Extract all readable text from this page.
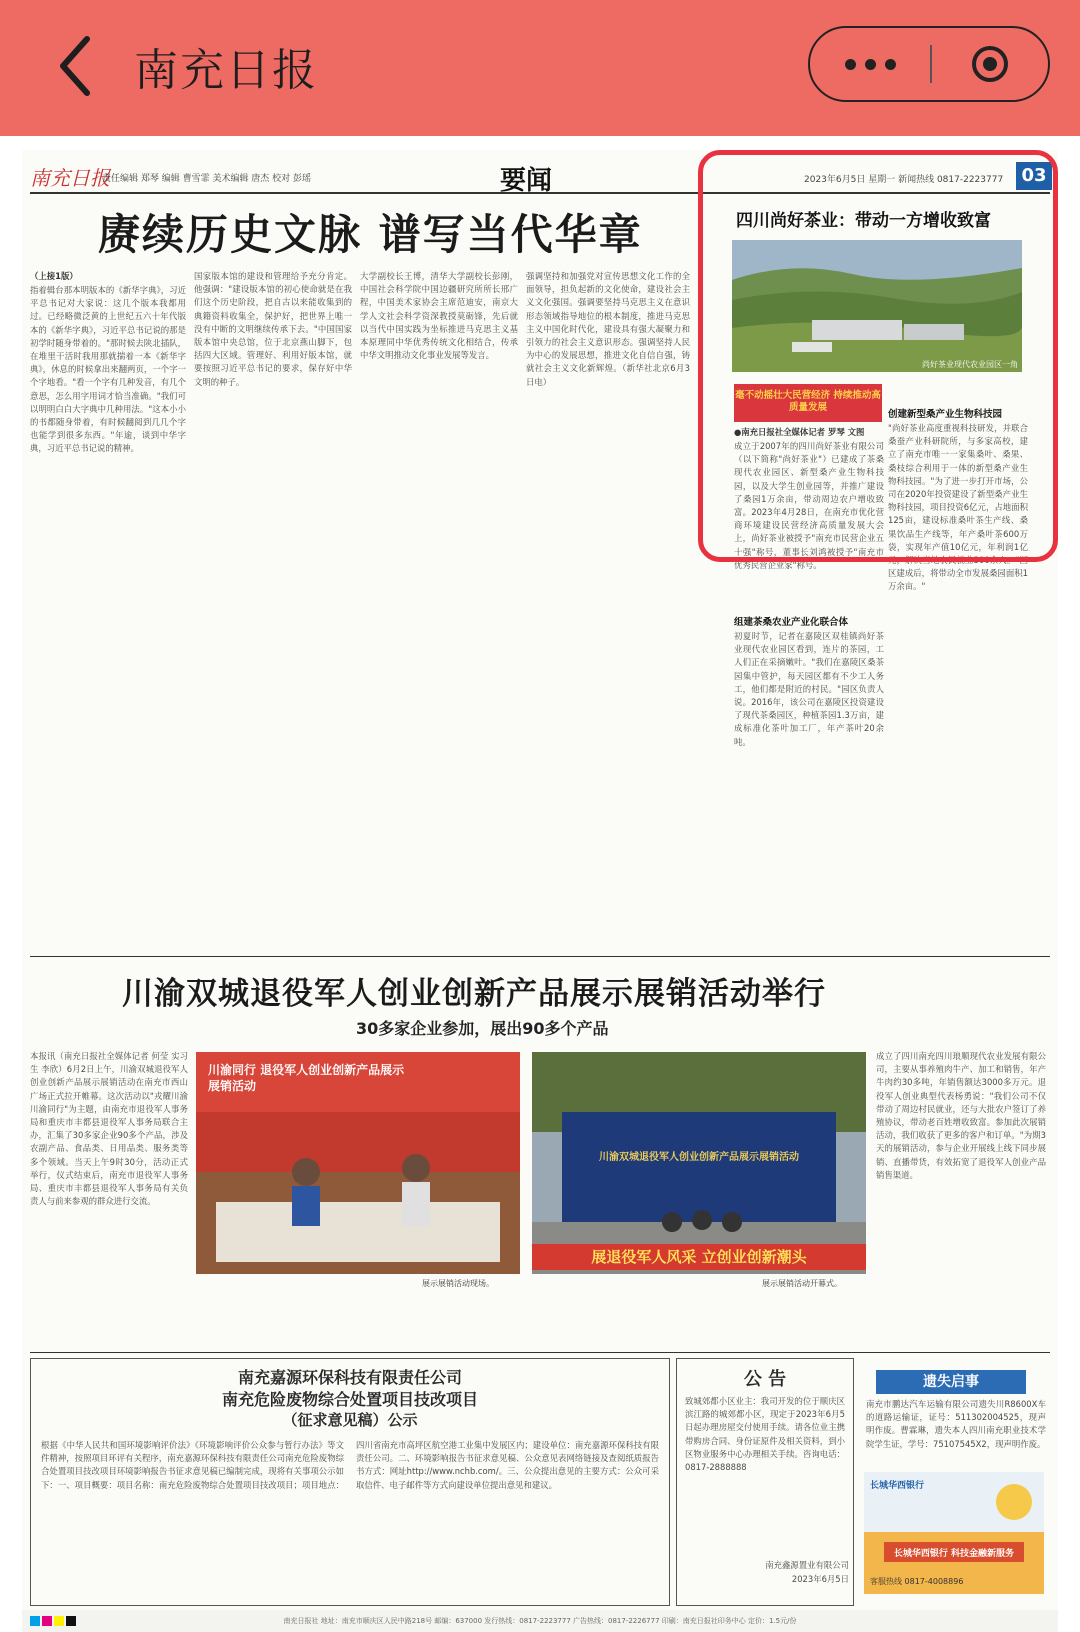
南充日报
南充日报
责任编辑 郑琴 编辑 曹雪霏 美术编辑 唐杰 校对 彭瑶	要闻	2023年6月5日 星期一 新闻热线 0817-2223777	03
赓续历史文脉 谱写当代华章
（上接1版）
指着辑台那本明版本的《新华字典》，习近平总书记对大家说：这几个版本我都用过。已经略微泛黄的上世纪五六十年代版本的《新华字典》，习近平总书记说的那是初学时随身带着的。"那时候去陕北插队，在堆里干活时我用那就揣着一本《新华字典》，休息的时候拿出来翻两页，一个字一个字地看。"看一个字有几种发音，有几个意思，怎么用字用词才恰当准确。"我们可以明明白白大字典中几种用法。"这本小小的书都随身带着，有时候翻阅到几几个字也能学到很多东西。"年逾，谈到中华字典，习近平总书记说的精神。
国家版本馆的建设和管理给予充分肯定。他强调："建设版本馆的初心使命就是在我们这个历史阶段，把自古以来能收集到的典籍资料收集全，保护好，把世界上唯一没有中断的文明继续传承下去。"中国国家版本馆中央总馆，位于北京燕山脚下，包括四大区域。管理好、利用好版本馆，就要按照习近平总书记的要求，保存好中华文明的种子。
大学副校长王博，清华大学副校长彭刚，中国社会科学院中国边疆研究所所长邢广程，中国美术家协会主席范迪安，南京大学人文社会科学资深教授莫砺锋，先后就以当代中国实践为坐标推进马克思主义基本原理同中华优秀传统文化相结合，传承中华文明推动文化事业发展等发言。
强调坚持和加强党对宣传思想文化工作的全面领导，担负起新的文化使命，建设社会主义文化强国。强调要坚持马克思主义在意识形态领域指导地位的根本制度，推进马克思主义中国化时代化，建设具有强大凝聚力和引领力的社会主义意识形态。强调坚持人民为中心的发展思想，推进文化自信自强，铸就社会主义文化新辉煌。（新华社北京6月3日电）
四川尚好茶业：带动一方增收致富
尚好茶业现代农业园区一角
毫不动摇壮大民营经济 持续推动高质量发展
●南充日报社全媒体记者 罗琴 文图
成立于2007年的四川尚好茶业有限公司（以下简称"尚好茶业"）已建成了茶桑现代农业园区、新型桑产业生物科技园，以及大学生创业园等，并推广建设了桑园1万余亩，带动周边农户增收致富。2023年4月28日，在南充市优化营商环境建设民营经济高质量发展大会上，尚好茶业被授予"南充市民营企业五十强"称号，董事长刘鸿被授予"南充市优秀民营企业家"称号。
组建茶桑农业产业化联合体
初夏时节，记者在嘉陵区双桂镇尚好茶业现代农业园区看到，连片的茶园，工人们正在采摘嫩叶。"我们在嘉陵区桑茶园集中管护，每天园区都有不少工人务工，他们都是附近的村民。"园区负责人说。2016年，该公司在嘉陵区投资建设了现代茶桑园区，种植茶园1.3万亩，建成标准化茶叶加工厂，年产茶叶20余吨。
创建新型桑产业生物科技园
"尚好茶业高度重视科技研发，并联合桑蚕产业科研院所，与多家高校，建立了南充市唯一一家集桑叶、桑果、桑枝综合利用于一体的新型桑产业生物科技园。"为了进一步打开市场，公司在2020年投资建设了新型桑产业生物科技园，项目投资6亿元，占地面积125亩，建设标准桑叶茶生产线、桑果饮品生产线等，年产桑叶茶600万袋，实现年产值10亿元，年利润1亿元，解决当地农民就业300余人。"园区建成后，将带动全市发展桑园面积1万余亩。"
川渝双城退役军人创业创新产品展示展销活动举行
30多家企业参加，展出90多个产品
本报讯（南充日报社全媒体记者 何莹 实习生 李欣）6月2日上午，川渝双城退役军人创业创新产品展示展销活动在南充市西山广场正式拉开帷幕。这次活动以"戎耀川渝 川渝同行"为主题，由南充市退役军人事务局和重庆市丰都县退役军人事务局联合主办，汇集了30多家企业90多个产品，涉及农副产品、食品类、日用品类、服务类等多个领域。当天上午9时30分，活动正式举行，仪式结束后，南充市退役军人事务局、重庆市丰都县退役军人事务局有关负责人与前来参观的群众进行交流。
川渝同行 退役军人创业创新产品展示展销活动
展示展销活动现场。
川渝双城退役军人创业创新产品展示展销活动
展退役军人风采 立创业创新潮头
展示展销活动开幕式。
成立了四川南充四川琅顺现代农业发展有限公司，主要从事养殖肉牛产、加工和销售，年产牛肉约30多吨，年销售额达3000多万元。退役军人创业典型代表杨勇说："我们公司不仅带动了周边村民就业，还与大批农户签订了养殖协议，带动老百姓增收致富。参加此次展销活动，我们收获了更多的客户和订单。"为期3天的展销活动，参与企业开展线上线下同步展销、直播带货，有效拓宽了退役军人创业产品销售渠道。
南充嘉源环保科技有限责任公司
南充危险废物综合处置项目技改项目
（征求意见稿）公示
根据《中华人民共和国环境影响评价法》《环境影响评价公众参与暂行办法》等文件精神，按照项目环评有关程序，南充嘉源环保科技有限责任公司南充危险废物综合处置项目技改项目环境影响报告书征求意见稿已编制完成，现将有关事项公示如下：一、项目概要：项目名称：南充危险废物综合处置项目技改项目；项目地点：四川省南充市高坪区航空港工业集中发展区内；建设单位：南充嘉源环保科技有限责任公司。二、环境影响报告书征求意见稿、公众意见表网络链接及查阅纸质报告书方式：网址http://www.nchb.com/。三、公众提出意见的主要方式：公众可采取信件、电子邮件等方式向建设单位提出意见和建议。
公 告
致城郊都小区业主：我司开发的位于顺庆区滨江路的城郊都小区，现定于2023年6月5日起办理房屋交付使用手续。请各位业主携带购房合同、身份证原件及相关资料，到小区物业服务中心办理相关手续。咨询电话：0817-2888888
南充鑫源置业有限公司
2023年6月5日
遗失启事
南充市鹏达汽车运输有限公司遗失川R8600X车的道路运输证，证号：511302004525，现声明作废。曹霖琳，遗失本人四川南充职业技术学院学生证，学号：75107545X2，现声明作废。
长城华西银行
长城华西银行 科技金融新服务
客服热线 0817-4008896
南充日报社 地址：南充市顺庆区人民中路218号 邮编：637000 发行热线：0817-2223777 广告热线：0817-2226777 印刷：南充日报社印务中心 定价：1.5元/份
